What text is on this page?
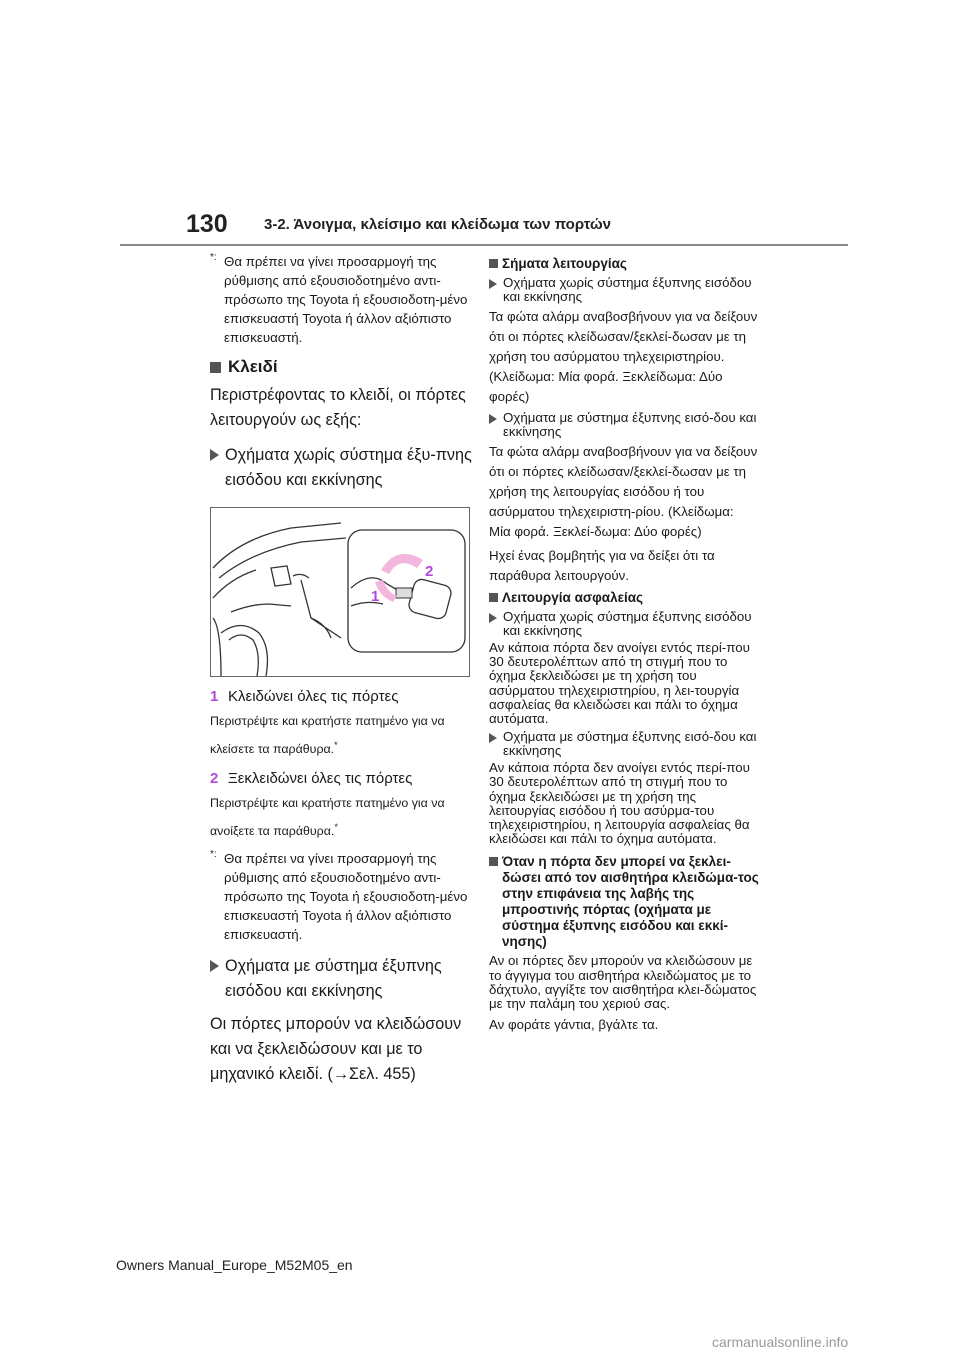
130 3-2. Άνοιγμα, κλείσιμο και κλείδωμα των πορτών

*: Θα πρέπει να γίνει προσαρμογή της ρύθμισης από εξουσιοδοτημένο αντι-πρόσωπο της Toyota ή εξουσιοδοτη-μένο επισκευαστή Toyota ή άλλον αξιόπιστο επισκευαστή.

Κλειδί

Περιστρέφοντας το κλειδί, οι πόρτες λειτουργούν ως εξής:

Οχήματα χωρίς σύστημα έξυ-πνης εισόδου και εκκίνησης
2
1
1 Κλειδώνει όλες τις πόρτες

Περιστρέψτε και κρατήστε πατημένο για να κλείσετε τα παράθυρα.*

2 Ξεκλειδώνει όλες τις πόρτες

Περιστρέψτε και κρατήστε πατημένο για να ανοίξετε τα παράθυρα.*

*: Θα πρέπει να γίνει προσαρμογή της ρύθμισης από εξουσιοδοτημένο αντι-πρόσωπο της Toyota ή εξουσιοδοτη-μένο επισκευαστή Toyota ή άλλον αξιόπιστο επισκευαστή.

Οχήματα με σύστημα έξυπνης εισόδου και εκκίνησης

Οι πόρτες μπορούν να κλειδώσουν και να ξεκλειδώσουν και με το μηχανικό κλειδί. (→Σελ. 455)

Σήματα λειτουργίας
Οχήματα χωρίς σύστημα έξυπνης εισόδου και εκκίνησης

Τα φώτα αλάρμ αναβοσβήνουν για να δείξουν ότι οι πόρτες κλείδωσαν/ξεκλεί-δωσαν με τη χρήση του ασύρματου τηλεχειριστηρίου. (Κλείδωμα: Μία φορά. Ξεκλείδωμα: Δύο φορές)

Οχήματα με σύστημα έξυπνης εισό-δου και εκκίνησης

Τα φώτα αλάρμ αναβοσβήνουν για να δείξουν ότι οι πόρτες κλείδωσαν/ξεκλεί-δωσαν με τη χρήση της λειτουργίας εισόδου ή του ασύρματου τηλεχειριστη-ρίου. (Κλείδωμα: Μία φορά. Ξεκλεί-δωμα: Δύο φορές)

Ηχεί ένας βομβητής για να δείξει ότι τα παράθυρα λειτουργούν.

Λειτουργία ασφαλείας
Οχήματα χωρίς σύστημα έξυπνης εισόδου και εκκίνησης

Αν κάποια πόρτα δεν ανοίγει εντός περί-που 30 δευτερολέπτων από τη στιγμή που το όχημα ξεκλειδώσει με τη χρήση του ασύρματου τηλεχειριστηρίου, η λει-τουργία ασφαλείας θα κλειδώσει και πάλι το όχημα αυτόματα.

Οχήματα με σύστημα έξυπνης εισό-δου και εκκίνησης

Αν κάποια πόρτα δεν ανοίγει εντός περί-που 30 δευτερολέπτων από τη στιγμή που το όχημα ξεκλειδώσει με τη χρήση της λειτουργίας εισόδου ή του ασύρμα-του τηλεχειριστηρίου, η λειτουργία ασφαλείας θα κλειδώσει και πάλι το όχημα αυτόματα.

Όταν η πόρτα δεν μπορεί να ξεκλει-δώσει από τον αισθητήρα κλειδώμα-τος στην επιφάνεια της λαβής της μπροστινής πόρτας (οχήματα με σύστημα έξυπνης εισόδου και εκκί-νησης)

Αν οι πόρτες δεν μπορούν να κλειδώσουν με το άγγιγμα του αισθητήρα κλειδώματος με το δάχτυλο, αγγίξτε τον αισθητήρα κλει-δώματος με την παλάμη του χεριού σας.

Αν φοράτε γάντια, βγάλτε τα.

Owners Manual_Europe_M52M05_en
carmanualsonline.info
